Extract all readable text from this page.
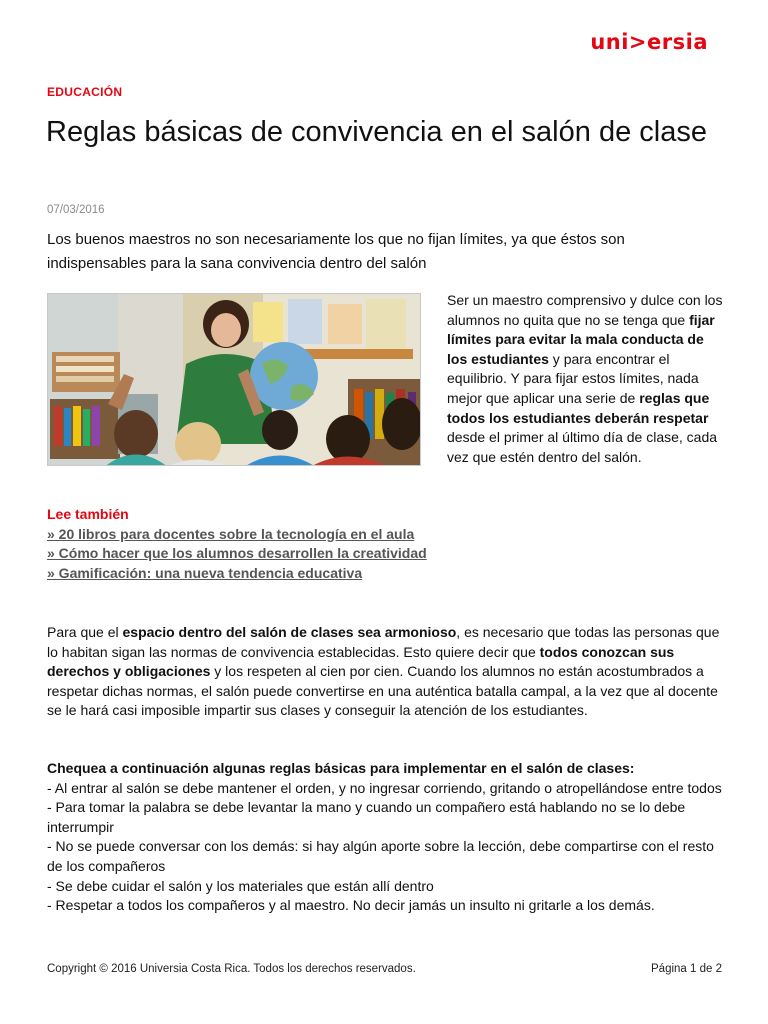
uni>ersia
EDUCACIÓN
Reglas básicas de convivencia en el salón de clase
07/03/2016

Los buenos maestros no son necesariamente los que no fijan límites, ya que éstos son indispensables para la sana convivencia dentro del salón

Ser un maestro comprensivo y dulce con los alumnos no quita que no se tenga que fijar límites para evitar la mala conducta de los estudiantes y para encontrar el equilibrio. Y para fijar estos límites, nada mejor que aplicar una serie de reglas que todos los estudiantes deberán respetar desde el primer al último día de clase, cada vez que estén dentro del salón.

Lee también
» 20 libros para docentes sobre la tecnología en el aula
» Cómo hacer que los alumnos desarrollen la creatividad
» Gamificación: una nueva tendencia educativa

Para que el espacio dentro del salón de clases sea armonioso, es necesario que todas las personas que lo habitan sigan las normas de convivencia establecidas. Esto quiere decir que todos conozcan sus derechos y obligaciones y los respeten al cien por cien. Cuando los alumnos no están acostumbrados a respetar dichas normas, el salón puede convertirse en una auténtica batalla campal, a la vez que al docente se le hará casi imposible impartir sus clases y conseguir la atención de los estudiantes.

Chequea a continuación algunas reglas básicas para implementar en el salón de clases:
- Al entrar al salón se debe mantener el orden, y no ingresar corriendo, gritando o atropellándose entre todos
- Para tomar la palabra se debe levantar la mano y cuando un compañero está hablando no se lo debe interrumpir
- No se puede conversar con los demás: si hay algún aporte sobre la lección, debe compartirse con el resto de los compañeros
- Se debe cuidar el salón y los materiales que están allí dentro
- Respetar a todos los compañeros y al maestro. No decir jamás un insulto ni gritarle a los demás.
Copyright © 2016 Universia Costa Rica. Todos los derechos reservados.	Página 1 de 2
